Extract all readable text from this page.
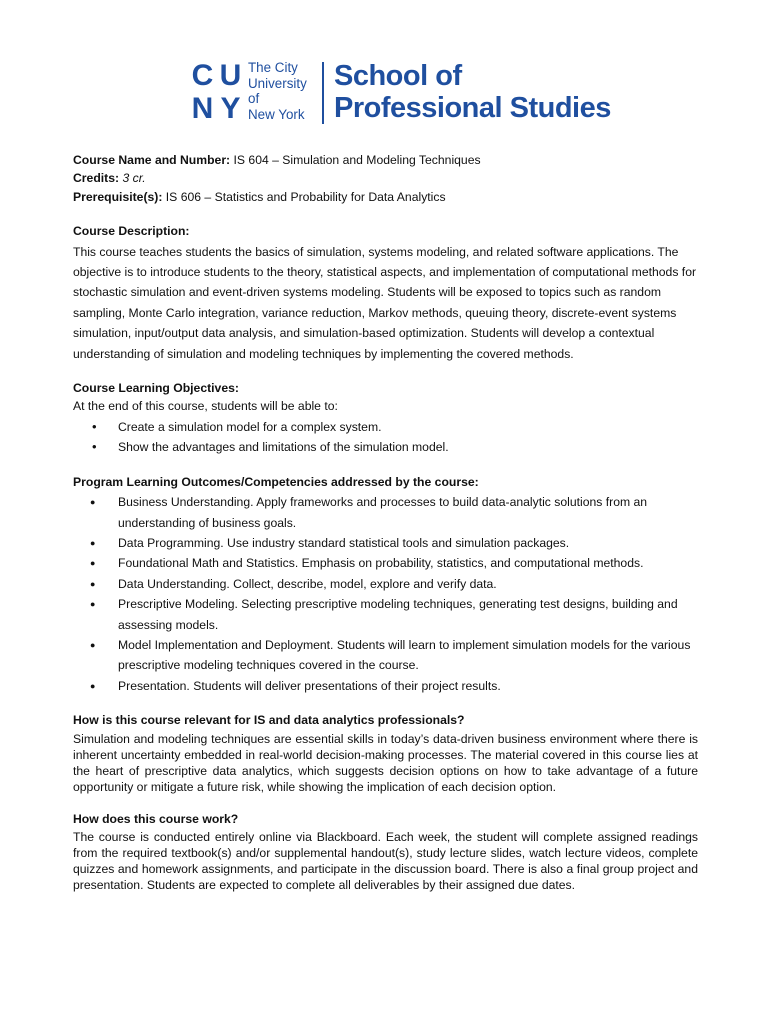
C U
N Y
The City
University
of
New York
School of
Professional Studies
Course Name and Number: IS 604 – Simulation and Modeling Techniques
Credits: 3 cr.
Prerequisite(s): IS 606 – Statistics and Probability for Data Analytics
Course Description:
This course teaches students the basics of simulation, systems modeling, and related software applications. The objective is to introduce students to the theory, statistical aspects, and implementation of computational methods for stochastic simulation and event-driven systems modeling. Students will be exposed to topics such as random sampling, Monte Carlo integration, variance reduction, Markov methods, queuing theory, discrete-event systems simulation, input/output data analysis, and simulation-based optimization. Students will develop a contextual understanding of simulation and modeling techniques by implementing the covered methods.
Course Learning Objectives:
At the end of this course, students will be able to:
• Create a simulation model for a complex system.
• Show the advantages and limitations of the simulation model.
Program Learning Outcomes/Competencies addressed by the course:
● Business Understanding. Apply frameworks and processes to build data-analytic solutions from an understanding of business goals.
● Data Programming. Use industry standard statistical tools and simulation packages.
● Foundational Math and Statistics. Emphasis on probability, statistics, and computational methods.
● Data Understanding. Collect, describe, model, explore and verify data.
● Prescriptive Modeling. Selecting prescriptive modeling techniques, generating test designs, building and assessing models.
● Model Implementation and Deployment. Students will learn to implement simulation models for the various prescriptive modeling techniques covered in the course.
● Presentation. Students will deliver presentations of their project results.
How is this course relevant for IS and data analytics professionals?
Simulation and modeling techniques are essential skills in today’s data-driven business environment where there is inherent uncertainty embedded in real-world decision-making processes. The material covered in this course lies at the heart of prescriptive data analytics, which suggests decision options on how to take advantage of a future opportunity or mitigate a future risk, while showing the implication of each decision option.
How does this course work?
The course is conducted entirely online via Blackboard. Each week, the student will complete assigned readings from the required textbook(s) and/or supplemental handout(s), study lecture slides, watch lecture videos, complete quizzes and homework assignments, and participate in the discussion board. There is also a final group project and presentation. Students are expected to complete all deliverables by their assigned due dates.
